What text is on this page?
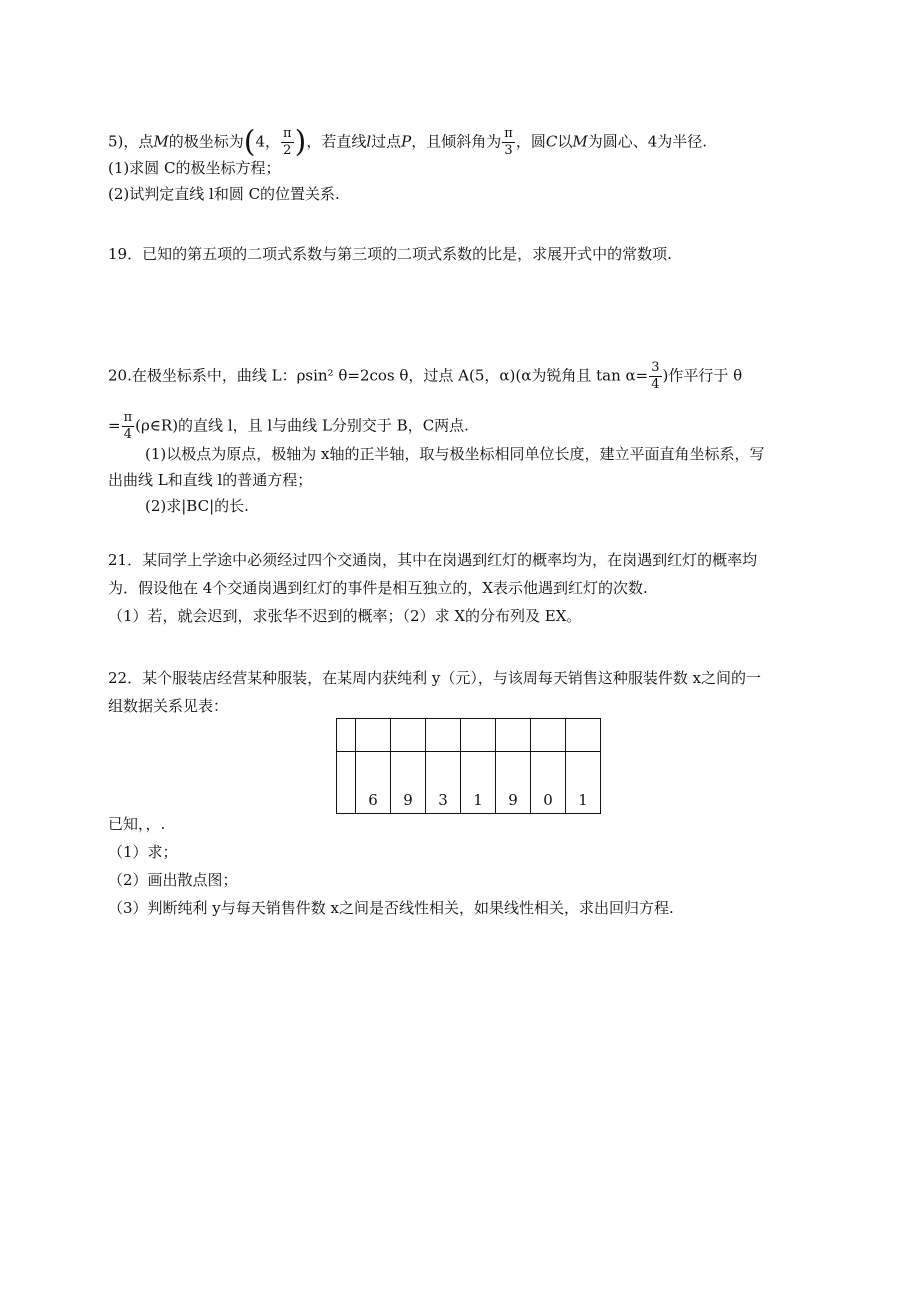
5)，点M的极坐标为(4， $\frac{\pi}{2}$ )，若直线l过点P，且倾斜角为 $\frac{\pi}{3}$ ，圆C以M为圆心、4为半径.
(1)求圆 C的极坐标方程；
(2)试判定直线 l和圆 C的位置关系.
19．已知的第五项的二项式系数与第三项的二项式系数的比是，求展开式中的常数项.
20.在极坐标系中，曲线 L：ρsin² θ=2cos θ，过点 A(5，α)(α为锐角且 $\tan \alpha= \frac{3}{4}$ )作平行于 θ
= $\frac{\pi}{4}$ (ρ∈R)的直线 l，且 l与曲线 L分别交于 B，C两点.
(1)以极点为原点，极轴为 x轴的正半轴，取与极坐标相同单位长度，建立平面直角坐标系，写
出曲线 L和直线 l的普通方程；
(2)求|BC|的长.
21．某同学上学途中必须经过四个交通岗，其中在岗遇到红灯的概率均为，在岗遇到红灯的概率均
为．假设他在 4个交通岗遇到红灯的事件是相互独立的，X表示他遇到红灯的次数.
（1）若，就会迟到，求张华不迟到的概率；（2）求 X的分布列及 EX。
22．某个服装店经营某种服装，在某周内获纯利 y（元），与该周每天销售这种服装件数 x之间的一
组数据关系见表：

	6	9	3	1	9	0	1
已知，，.
（1）求；
（2）画出散点图；
（3）判断纯利 y与每天销售件数 x之间是否线性相关，如果线性相关，求出回归方程.
